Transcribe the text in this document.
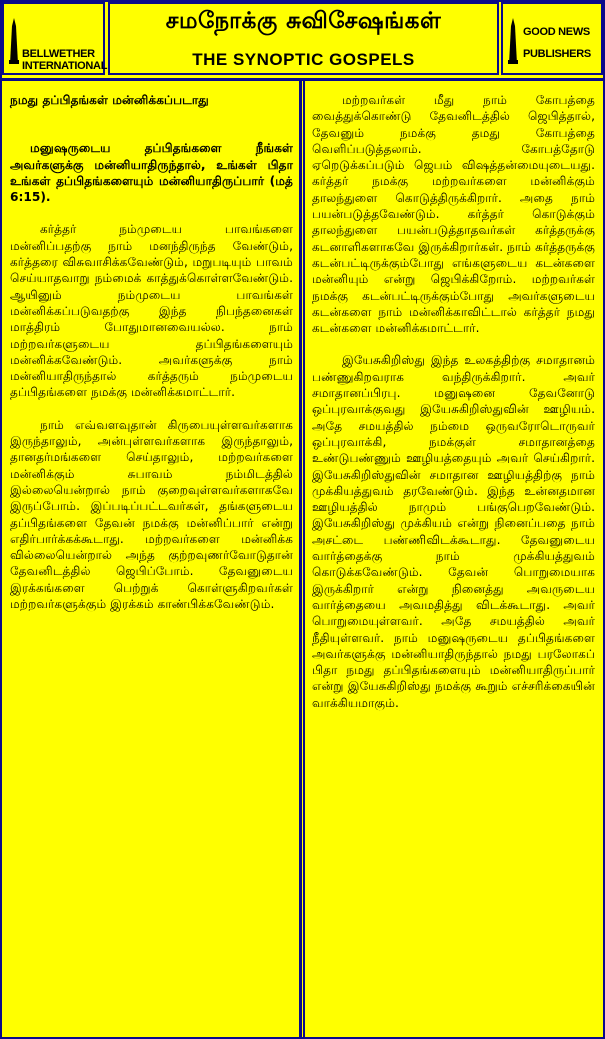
BELLWETHER
INTERNATIONAL
சமநோக்கு சுவிசேஷங்கள்
THE SYNOPTIC GOSPELS
GOOD NEWS
PUBLISHERS

நமது தப்பிதங்கள் மன்னிக்கப்படாது

மனுஷருடைய தப்பிதங்களை நீங்கள் அவர்களுக்கு மன்னியாதிருந்தால், உங்கள் பிதா உங்கள் தப்பிதங்களையும் மன்னியாதிருப்பார் (மத் 6:15).

கர்த்தர் நம்முடைய பாவங்களை மன்னிப்பதற்கு நாம் மனந்திருந்த வேண்டும், கர்த்தரை விசுவாசிக்கவேண்டும், மறுபடியும் பாவம் செய்யாதவாறு நம்மைக் காத்துக்கொள்ளவேண்டும். ஆயினும் நம்முடைய பாவங்கள் மன்னிக்கப்படுவதற்கு இந்த நிபந்தனைகள் மாத்திரம் போதுமானவையல்ல. நாம் மற்றவர்களுடைய தப்பிதங்களையும் மன்னிக்கவேண்டும். அவர்களுக்கு நாம் மன்னியாதிருந்தால் கர்த்தரும் நம்முடைய தப்பிதங்களை நமக்கு மன்னிக்கமாட்டார்.

நாம் எவ்வளவுதான் கிருபையுள்ளவர்களாக இருந்தாலும், அன்புள்ளவர்களாக இருந்தாலும், தானதர்மங்களை செய்தாலும், மற்றவர்களை மன்னிக்கும் சுபாவம் நம்மிடத்தில் இல்லையென்றால் நாம் குறைவுள்ளவர்களாகவே இருப்போம். இப்படிப்பட்டவர்கள், தங்களுடைய தப்பிதங்களை தேவன் நமக்கு மன்னிப்பார் என்று எதிர்பார்க்கக்கூடாது. மற்றவர்களை மன்னிக்க வில்லையென்றால் அந்த குற்றவுணர்வோடுதான் தேவனிடத்தில் ஜெபிப்போம். தேவனுடைய இரக்கங்களை பெற்றுக் கொள்ளுகிறவர்கள் மற்றவர்களுக்கும் இரக்கம் காண்பிக்கவேண்டும்.

மற்றவர்கள் மீது நாம் கோபத்தை வைத்துக்கொண்டு தேவனிடத்தில் ஜெபித்தால், தேவனும் நமக்கு தமது கோபத்தை வெளிப்படுத்தலாம். கோபத்தோடு ஏறெடுக்கப்படும் ஜெபம் விஷத்தன்மையுடையது. கர்த்தர் நமக்கு மற்றவர்களை மன்னிக்கும் தாலந்துளை கொடுத்திருக்கிறார். அதை நாம் பயன்படுத்தவேண்டும். கர்த்தர் கொடுக்கும் தாலந்துளை பயன்படுத்தாதவர்கள் கர்த்தருக்கு கடனாளிகளாகவே இருக்கிறார்கள். நாம் கர்த்தருக்கு கடன்பட்டிருக்கும்போது எங்களுடைய கடன்களை மன்னியும் என்று ஜெபிக்கிறோம். மற்றவர்கள் நமக்கு கடன்பட்டிருக்கும்போது அவர்களுடைய கடன்களை நாம் மன்னிக்காவிட்டால் கர்த்தர் நமது கடன்களை மன்னிக்கமாட்டார்.

இயேசுகிறிஸ்து இந்த உலகத்திற்கு சமாதானம் பண்ணுகிறவராக வந்திருக்கிறார். அவர் சமாதானப்பிரபு. மனுஷனை தேவனோடு ஒப்புரவாக்குவது இயேசுகிறிஸ்துவின் ஊழியம். அதே சமயத்தில் நம்மை ஒருவரோடொருவர் ஒப்புரவாக்கி, நமக்குள் சமாதானத்தை உண்டுபண்ணும் ஊழியத்தையும் அவர் செய்கிறார். இயேசுகிறிஸ்துவின் சமாதான ஊழியத்திற்கு நாம் முக்கியத்துவம் தரவேண்டும். இந்த உன்னதமான ஊழியத்தில் நாமும் பங்குபெறவேண்டும். இயேசுகிறிஸ்து முக்கியம் என்று நினைப்பதை நாம் அசட்டை பண்ணிவிடக்கூடாது. தேவனுடைய வார்த்தைக்கு நாம் முக்கியத்துவம் கொடுக்கவேண்டும். தேவன் பொறுமையாக இருக்கிறார் என்று நினைத்து அவருடைய வார்த்தையை அவமதித்து விடக்கூடாது. அவர் பொறுமையுள்ளவர். அதே சமயத்தில் அவர் நீதியுள்ளவர். நாம் மனுஷருடைய தப்பிதங்களை அவர்களுக்கு மன்னியாதிருந்தால் நமது பரலோகப் பிதா நமது தப்பிதங்களையும் மன்னியாதிருப்பார் என்று இயேசுகிறிஸ்து நமக்கு கூறும் எச்சரிக்கையின் வாக்கியமாகும்.
